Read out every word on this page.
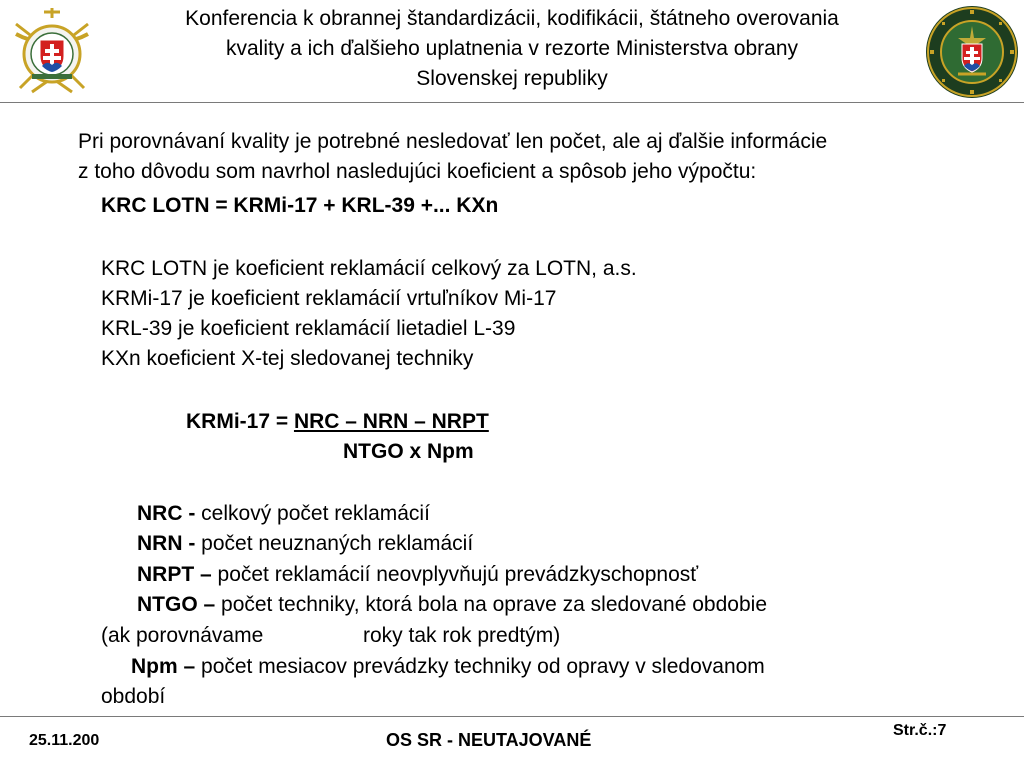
Konferencia k obrannej štandardizácii, kodifikácii, štátneho overovania
kvality a ich ďalšieho uplatnenia v rezorte Ministerstva obrany
Slovenskej republiky
Pri porovnávaní kvality je potrebné nesledovať len počet, ale aj ďalšie informácie
z toho dôvodu som navrhol nasledujúci koeficient a spôsob jeho výpočtu:
KRC LOTN = KRMi-17 + KRL-39 +... KXn
KRC LOTN je koeficient reklamácií celkový za LOTN, a.s.
KRMi-17 je koeficient reklamácií vrtuľníkov Mi-17
KRL-39 je koeficient reklamácií lietadiel L-39
KXn koeficient X-tej sledovanej techniky
KRMi-17 = NRC – NRN – NRPT
NTGO x Npm
NRC - celkový počet reklamácií
NRN - počet neuznaných reklamácií
NRPT – počet reklamácií neovplyvňujú prevádzkyschopnosť
NTGO – počet techniky, ktorá bola na oprave za sledované obdobie
(ak porovnávame	roky tak rok predtým)
Npm – počet mesiacov prevádzky techniky od opravy v sledovanom
období
25.11.200	OS SR - NEUTAJOVANÉ	Str.č.:7
